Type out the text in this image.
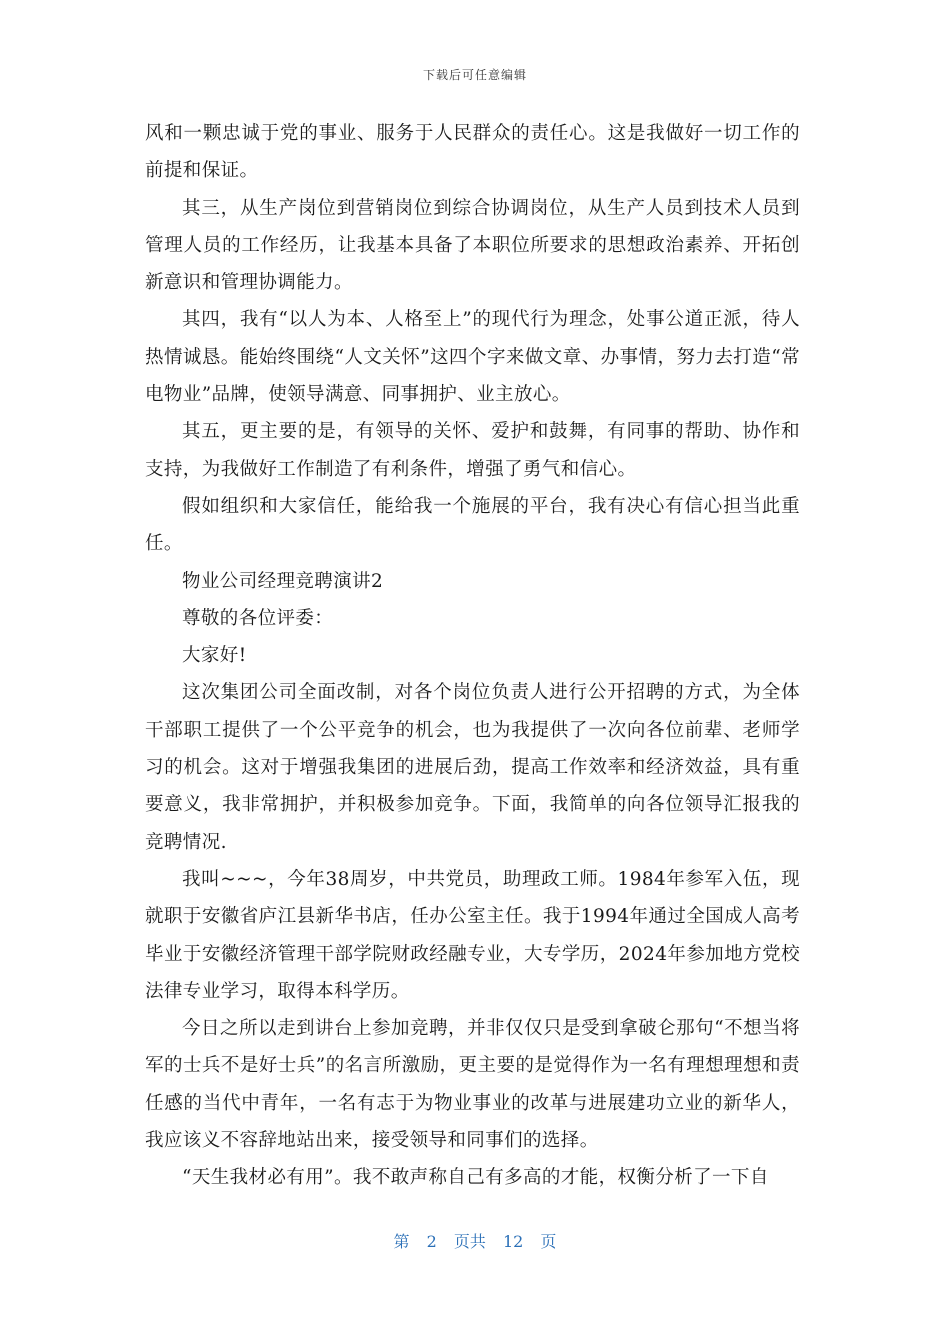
下载后可任意编辑

风和一颗忠诚于党的事业、服务于人民群众的责任心。这是我做好一切工作的前提和保证。

其三，从生产岗位到营销岗位到综合协调岗位，从生产人员到技术人员到管理人员的工作经历，让我基本具备了本职位所要求的思想政治素养、开拓创新意识和管理协调能力。

其四，我有“以人为本、人格至上”的现代行为理念，处事公道正派，待人热情诚恳。能始终围绕“人文关怀”这四个字来做文章、办事情，努力去打造“常电物业”品牌，使领导满意、同事拥护、业主放心。

其五，更主要的是，有领导的关怀、爱护和鼓舞，有同事的帮助、协作和支持，为我做好工作制造了有利条件，增强了勇气和信心。

假如组织和大家信任，能给我一个施展的平台，我有决心有信心担当此重任。

物业公司经理竞聘演讲2

尊敬的各位评委：

大家好!

这次集团公司全面改制，对各个岗位负责人进行公开招聘的方式，为全体干部职工提供了一个公平竞争的机会，也为我提供了一次向各位前辈、老师学习的机会。这对于增强我集团的进展后劲，提高工作效率和经济效益，具有重要意义，我非常拥护，并积极参加竞争。下面，我简单的向各位领导汇报我的竞聘情况.

我叫~~~，今年38周岁，中共党员，助理政工师。1984年参军入伍，现就职于安徽省庐江县新华书店，任办公室主任。我于1994年通过全国成人高考毕业于安徽经济管理干部学院财政经融专业，大专学历，2024年参加地方党校法律专业学习，取得本科学历。

今日之所以走到讲台上参加竞聘，并非仅仅只是受到拿破仑那句“不想当将军的士兵不是好士兵”的名言所激励，更主要的是觉得作为一名有理想理想和责任感的当代中青年，一名有志于为物业事业的改革与进展建功立业的新华人，我应该义不容辞地站出来，接受领导和同事们的选择。

“天生我材必有用”。我不敢声称自己有多高的才能，权衡分析了一下自

第 2 页共 12 页
